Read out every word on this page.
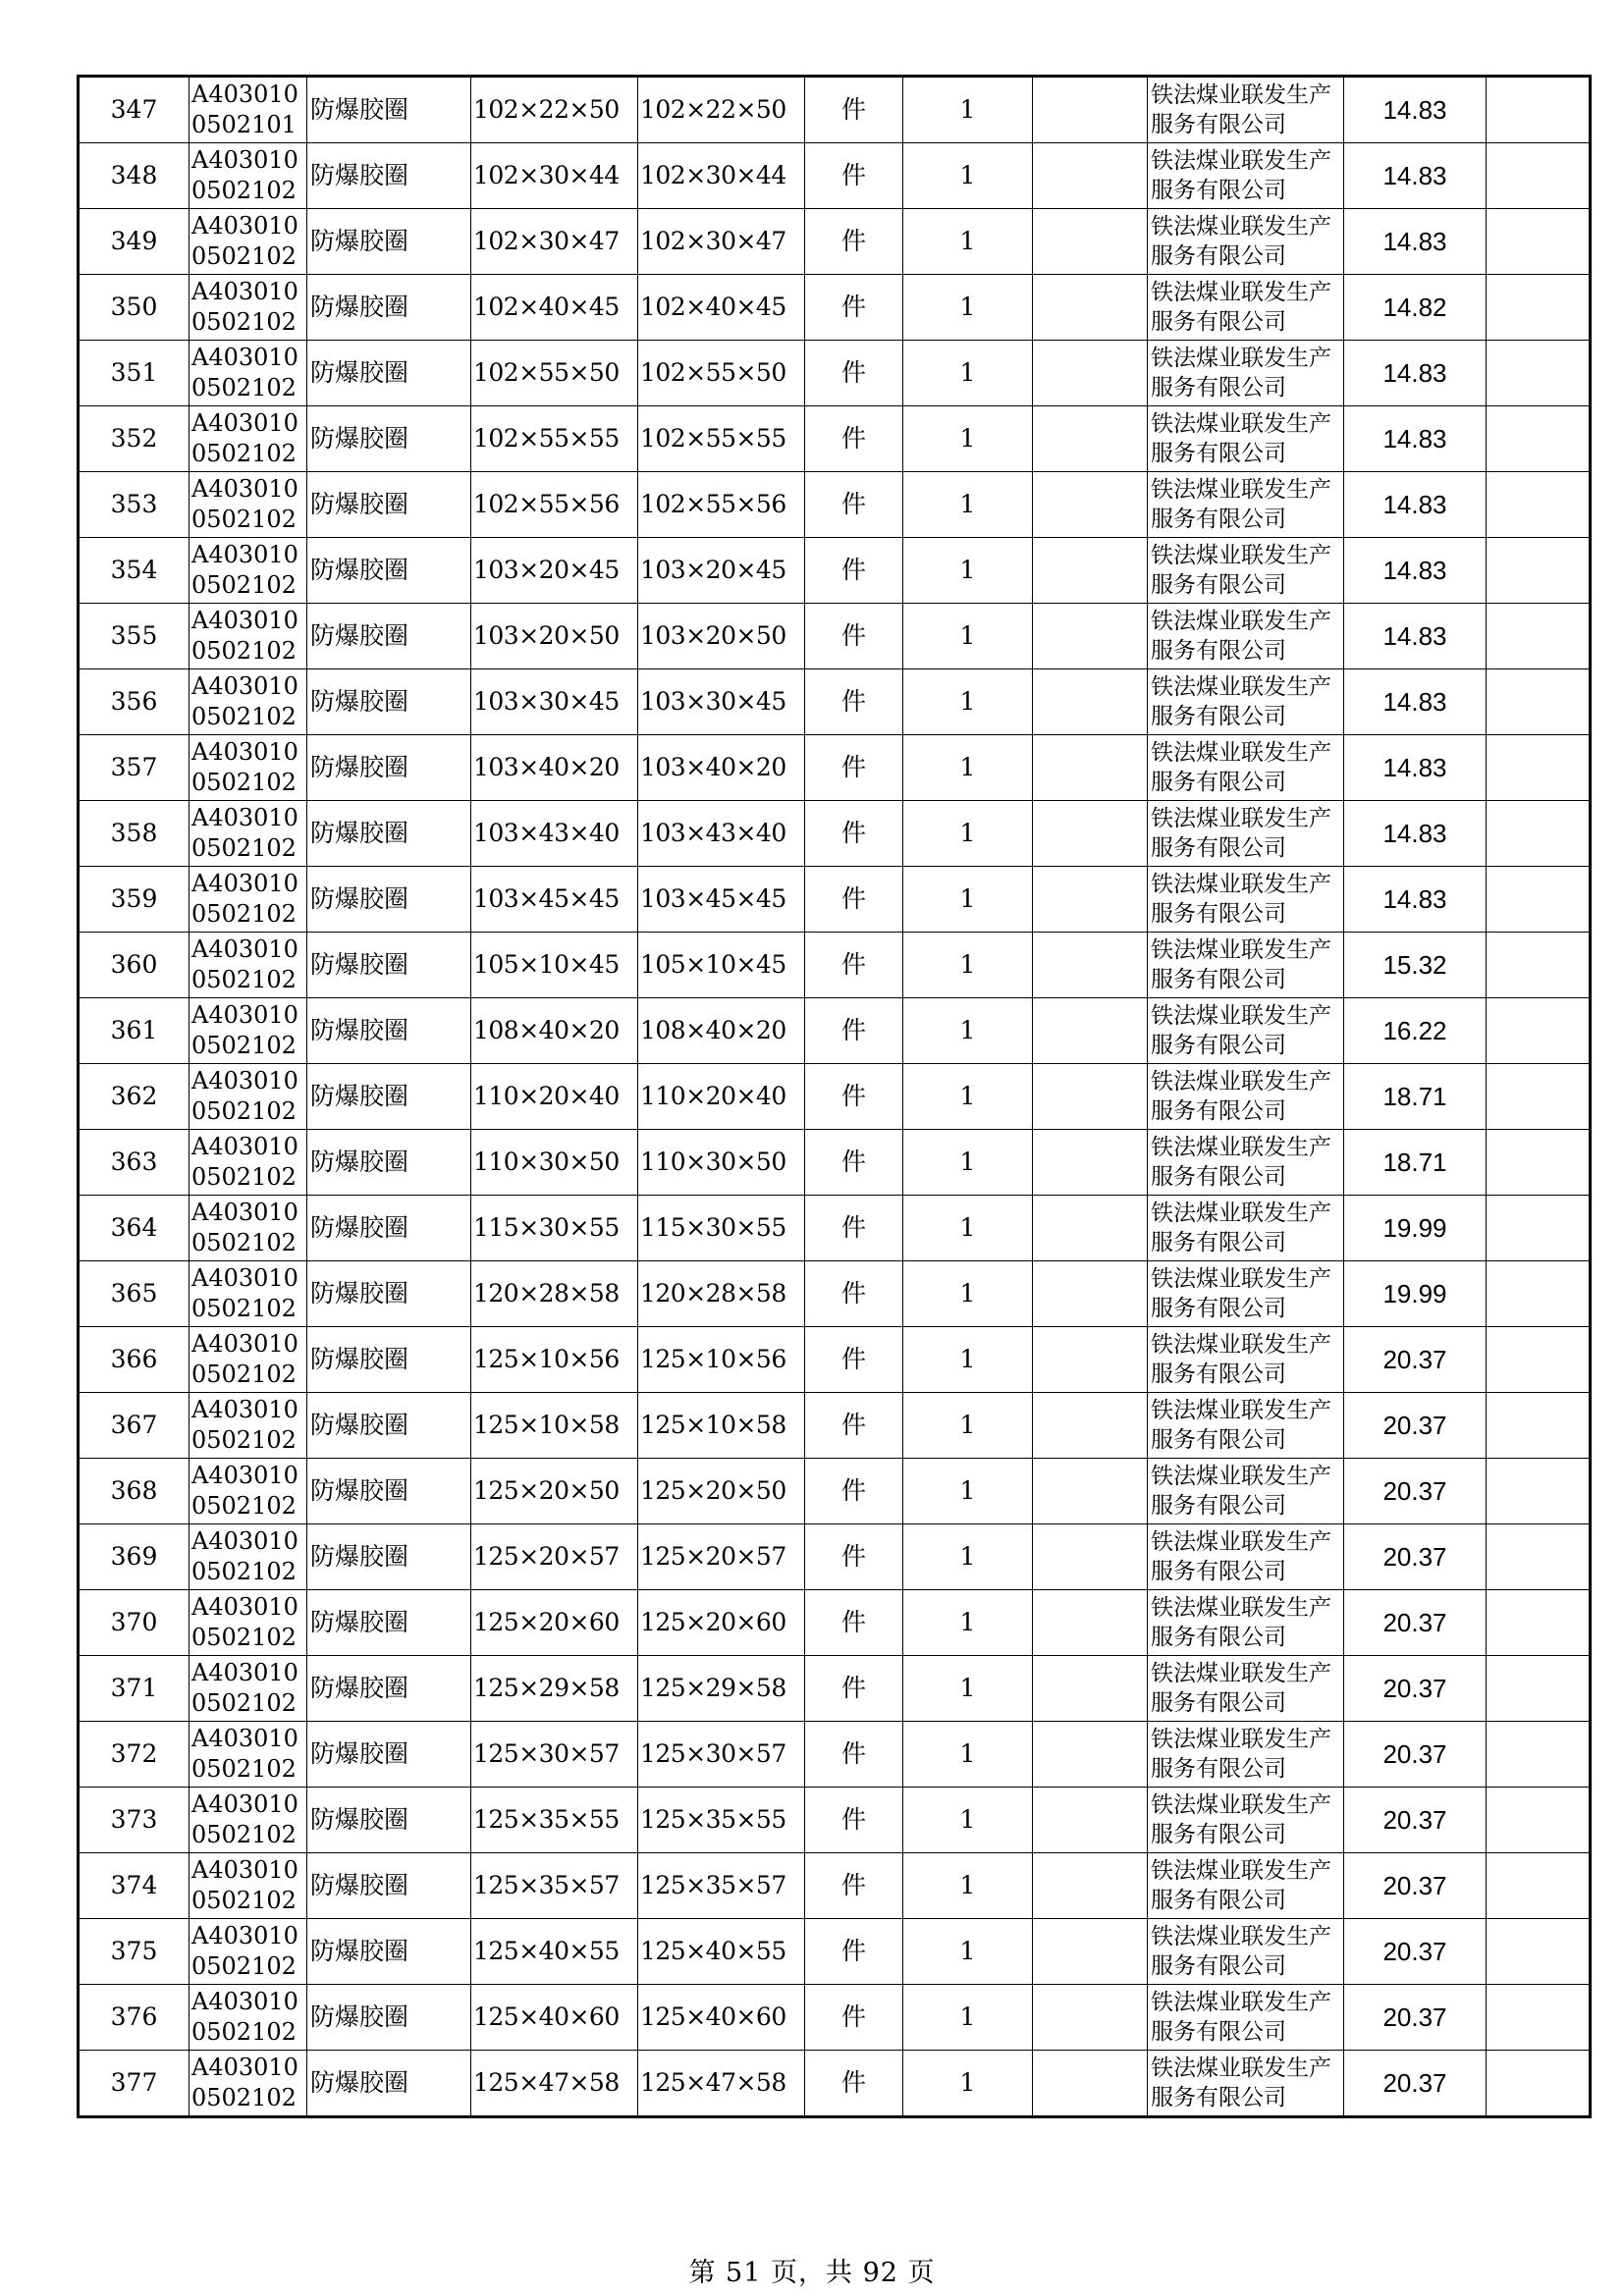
347	A4030100502101	防爆胶圈	102×22×50	102×22×50	件	1		铁法煤业联发生产服务有限公司	14.83	
348	A4030100502102	防爆胶圈	102×30×44	102×30×44	件	1		铁法煤业联发生产服务有限公司	14.83	
349	A4030100502102	防爆胶圈	102×30×47	102×30×47	件	1		铁法煤业联发生产服务有限公司	14.83	
350	A4030100502102	防爆胶圈	102×40×45	102×40×45	件	1		铁法煤业联发生产服务有限公司	14.82	
351	A4030100502102	防爆胶圈	102×55×50	102×55×50	件	1		铁法煤业联发生产服务有限公司	14.83	
352	A4030100502102	防爆胶圈	102×55×55	102×55×55	件	1		铁法煤业联发生产服务有限公司	14.83	
353	A4030100502102	防爆胶圈	102×55×56	102×55×56	件	1		铁法煤业联发生产服务有限公司	14.83	
354	A4030100502102	防爆胶圈	103×20×45	103×20×45	件	1		铁法煤业联发生产服务有限公司	14.83	
355	A4030100502102	防爆胶圈	103×20×50	103×20×50	件	1		铁法煤业联发生产服务有限公司	14.83	
356	A4030100502102	防爆胶圈	103×30×45	103×30×45	件	1		铁法煤业联发生产服务有限公司	14.83	
357	A4030100502102	防爆胶圈	103×40×20	103×40×20	件	1		铁法煤业联发生产服务有限公司	14.83	
358	A4030100502102	防爆胶圈	103×43×40	103×43×40	件	1		铁法煤业联发生产服务有限公司	14.83	
359	A4030100502102	防爆胶圈	103×45×45	103×45×45	件	1		铁法煤业联发生产服务有限公司	14.83	
360	A4030100502102	防爆胶圈	105×10×45	105×10×45	件	1		铁法煤业联发生产服务有限公司	15.32	
361	A4030100502102	防爆胶圈	108×40×20	108×40×20	件	1		铁法煤业联发生产服务有限公司	16.22	
362	A4030100502102	防爆胶圈	110×20×40	110×20×40	件	1		铁法煤业联发生产服务有限公司	18.71	
363	A4030100502102	防爆胶圈	110×30×50	110×30×50	件	1		铁法煤业联发生产服务有限公司	18.71	
364	A4030100502102	防爆胶圈	115×30×55	115×30×55	件	1		铁法煤业联发生产服务有限公司	19.99	
365	A4030100502102	防爆胶圈	120×28×58	120×28×58	件	1		铁法煤业联发生产服务有限公司	19.99	
366	A4030100502102	防爆胶圈	125×10×56	125×10×56	件	1		铁法煤业联发生产服务有限公司	20.37	
367	A4030100502102	防爆胶圈	125×10×58	125×10×58	件	1		铁法煤业联发生产服务有限公司	20.37	
368	A4030100502102	防爆胶圈	125×20×50	125×20×50	件	1		铁法煤业联发生产服务有限公司	20.37	
369	A4030100502102	防爆胶圈	125×20×57	125×20×57	件	1		铁法煤业联发生产服务有限公司	20.37	
370	A4030100502102	防爆胶圈	125×20×60	125×20×60	件	1		铁法煤业联发生产服务有限公司	20.37	
371	A4030100502102	防爆胶圈	125×29×58	125×29×58	件	1		铁法煤业联发生产服务有限公司	20.37	
372	A4030100502102	防爆胶圈	125×30×57	125×30×57	件	1		铁法煤业联发生产服务有限公司	20.37	
373	A4030100502102	防爆胶圈	125×35×55	125×35×55	件	1		铁法煤业联发生产服务有限公司	20.37	
374	A4030100502102	防爆胶圈	125×35×57	125×35×57	件	1		铁法煤业联发生产服务有限公司	20.37	
375	A4030100502102	防爆胶圈	125×40×55	125×40×55	件	1		铁法煤业联发生产服务有限公司	20.37	
376	A4030100502102	防爆胶圈	125×40×60	125×40×60	件	1		铁法煤业联发生产服务有限公司	20.37	
377	A4030100502102	防爆胶圈	125×47×58	125×47×58	件	1		铁法煤业联发生产服务有限公司	20.37	
第 51 页，共 92 页
